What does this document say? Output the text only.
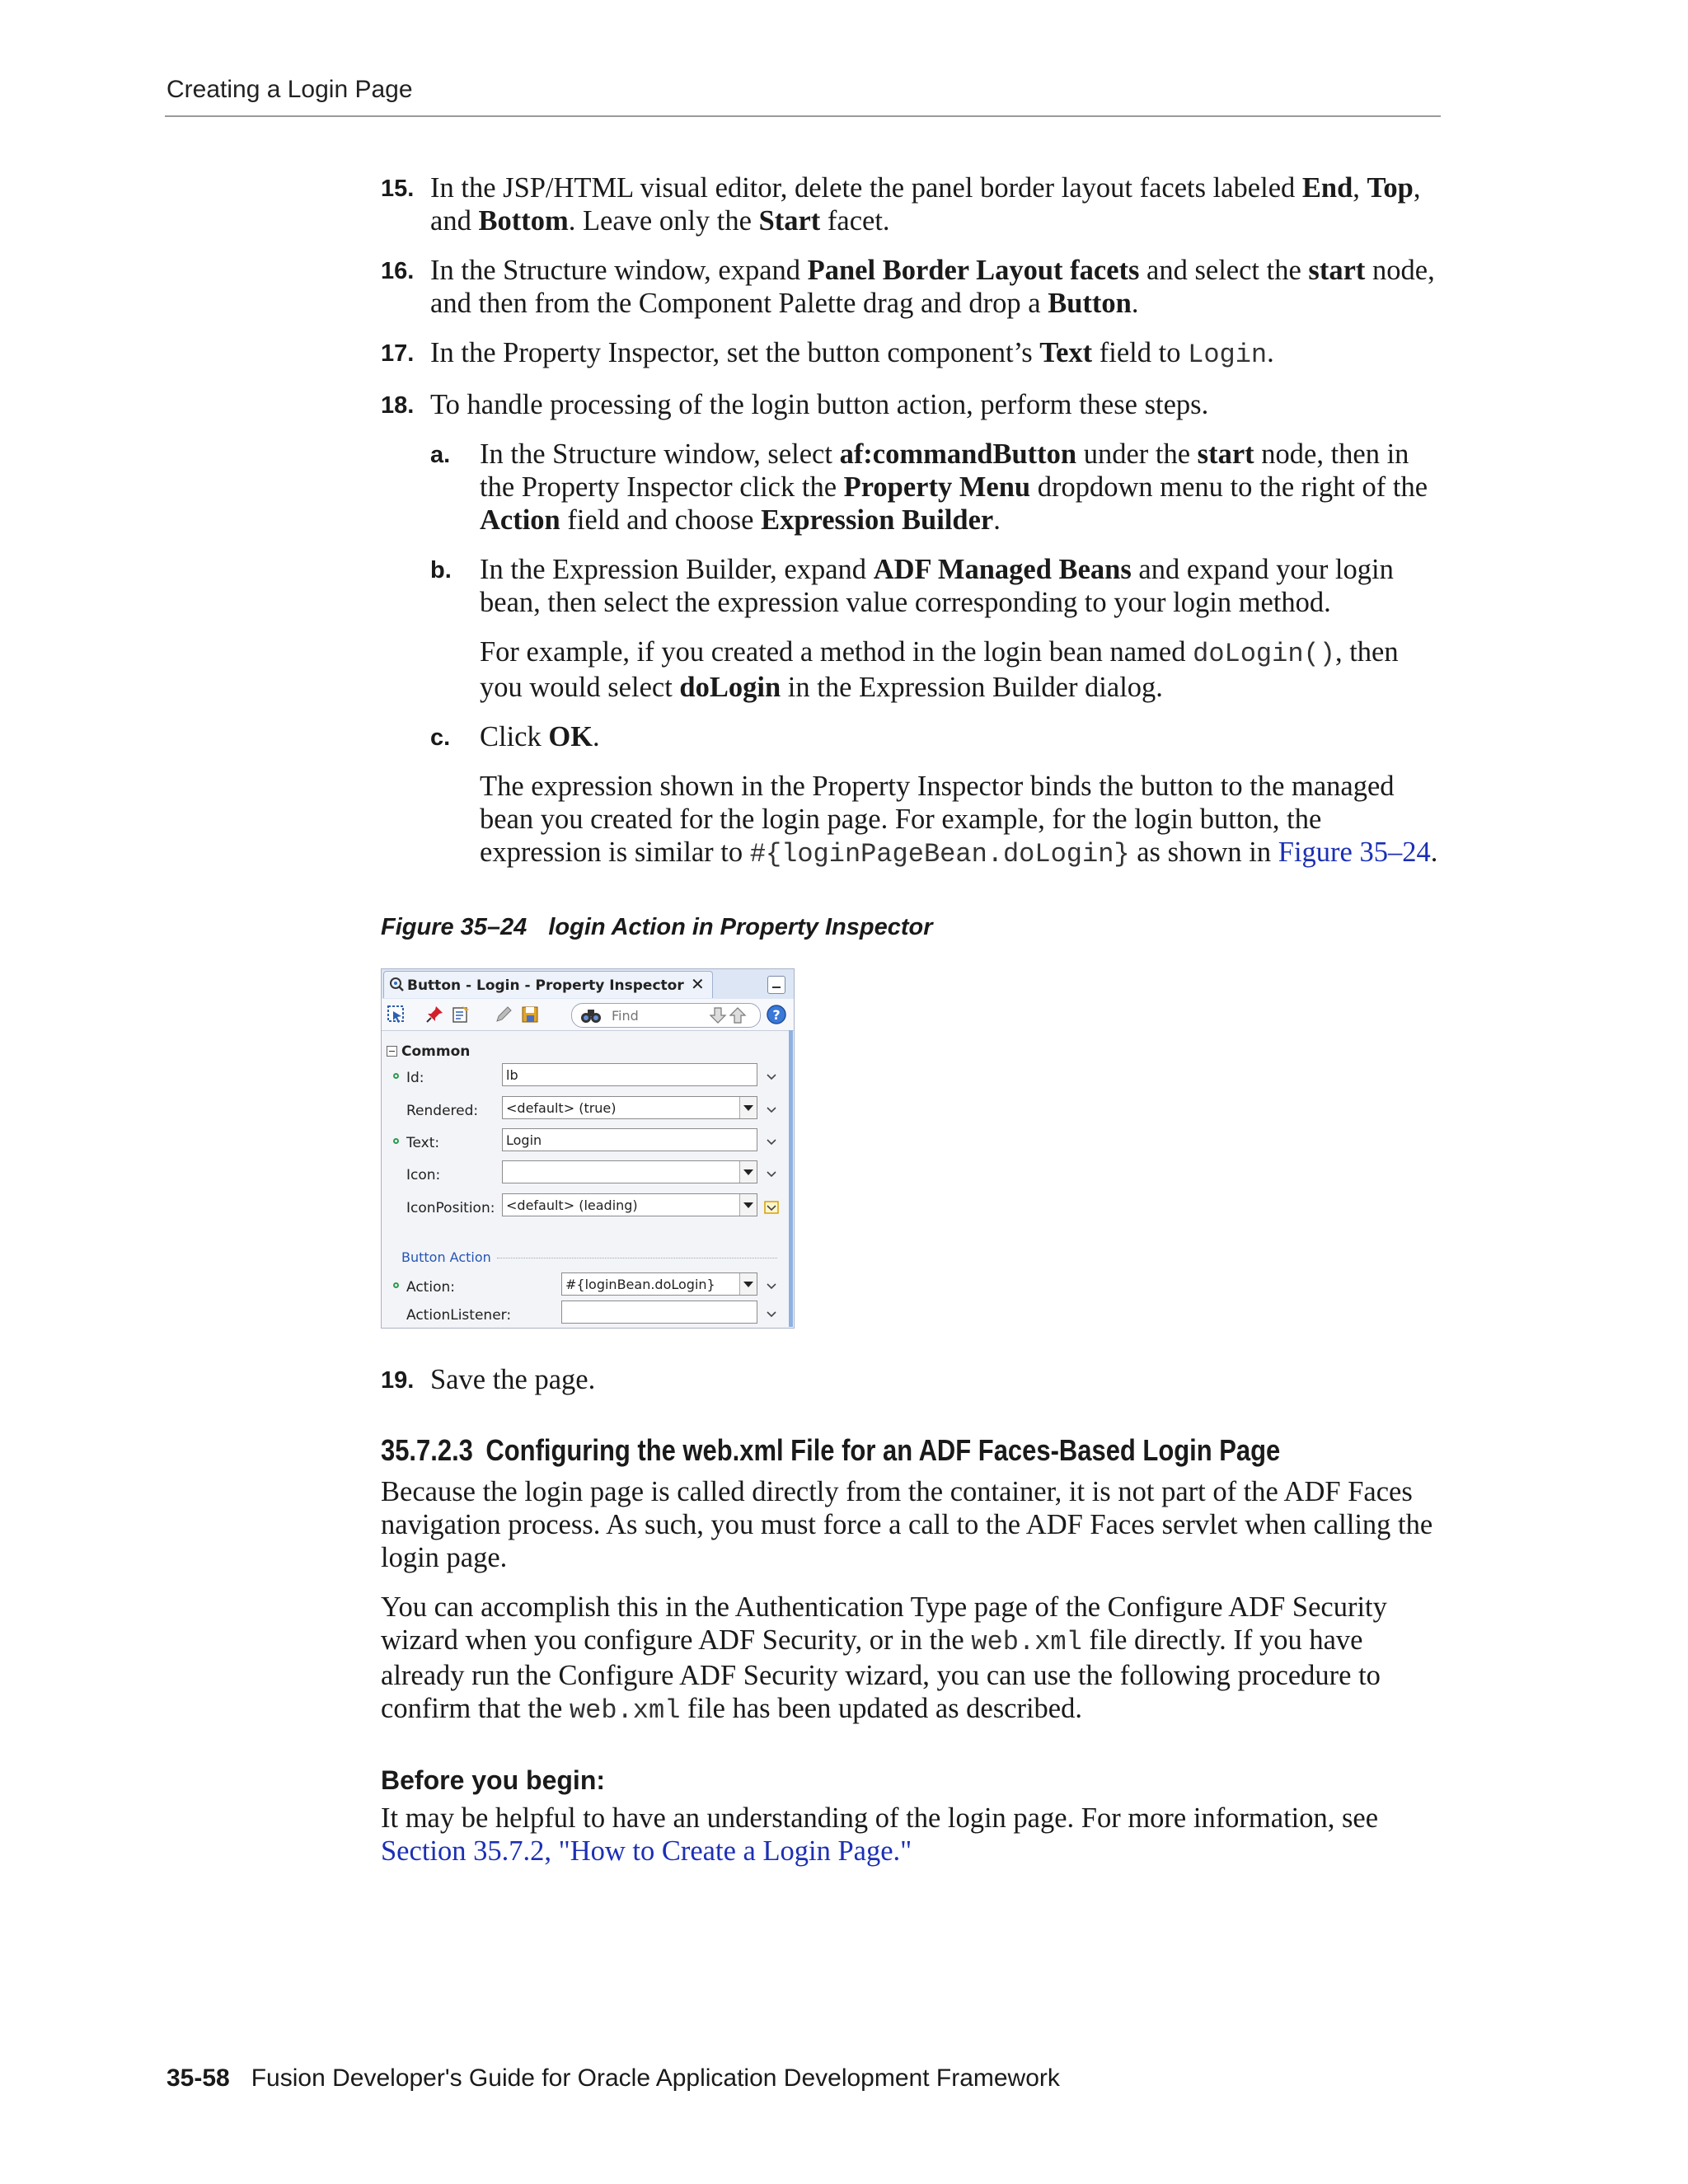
Creating a Login Page
15. In the JSP/HTML visual editor, delete the panel border layout facets labeled End, Top, and Bottom. Leave only the Start facet.
16. In the Structure window, expand Panel Border Layout facets and select the start node, and then from the Component Palette drag and drop a Button.
17. In the Property Inspector, set the button component’s Text field to Login.
18. To handle processing of the login button action, perform these steps.
a. In the Structure window, select af:commandButton under the start node, then in the Property Inspector click the Property Menu dropdown menu to the right of the Action field and choose Expression Builder.
b. In the Expression Builder, expand ADF Managed Beans and expand your login bean, then select the expression value corresponding to your login method.
For example, if you created a method in the login bean named doLogin(), then you would select doLogin in the Expression Builder dialog.
c. Click OK.
The expression shown in the Property Inspector binds the button to the managed bean you created for the login page. For example, for the login button, the expression is similar to #{loginPageBean.doLogin} as shown in Figure 35–24.
Figure 35–24 login Action in Property Inspector
Button - Login - Property Inspector ✕
Find
?
Common
Id:	lb
Rendered: <default> (true)
Text:	Login
Icon:
IconPosition: <default> (leading)
Button Action
Action:	#{loginBean.doLogin}
ActionListener:
19. Save the page.
35.7.2.3 Configuring the web.xml File for an ADF Faces-Based Login Page

Because the login page is called directly from the container, it is not part of the ADF Faces navigation process. As such, you must force a call to the ADF Faces servlet when calling the login page.

You can accomplish this in the Authentication Type page of the Configure ADF Security wizard when you configure ADF Security, or in the web.xml file directly. If you have already run the Configure ADF Security wizard, you can use the following procedure to confirm that the web.xml file has been updated as described.

Before you begin:

It may be helpful to have an understanding of the login page. For more information, see Section 35.7.2, "How to Create a Login Page."

35-58 Fusion Developer's Guide for Oracle Application Development Framework
